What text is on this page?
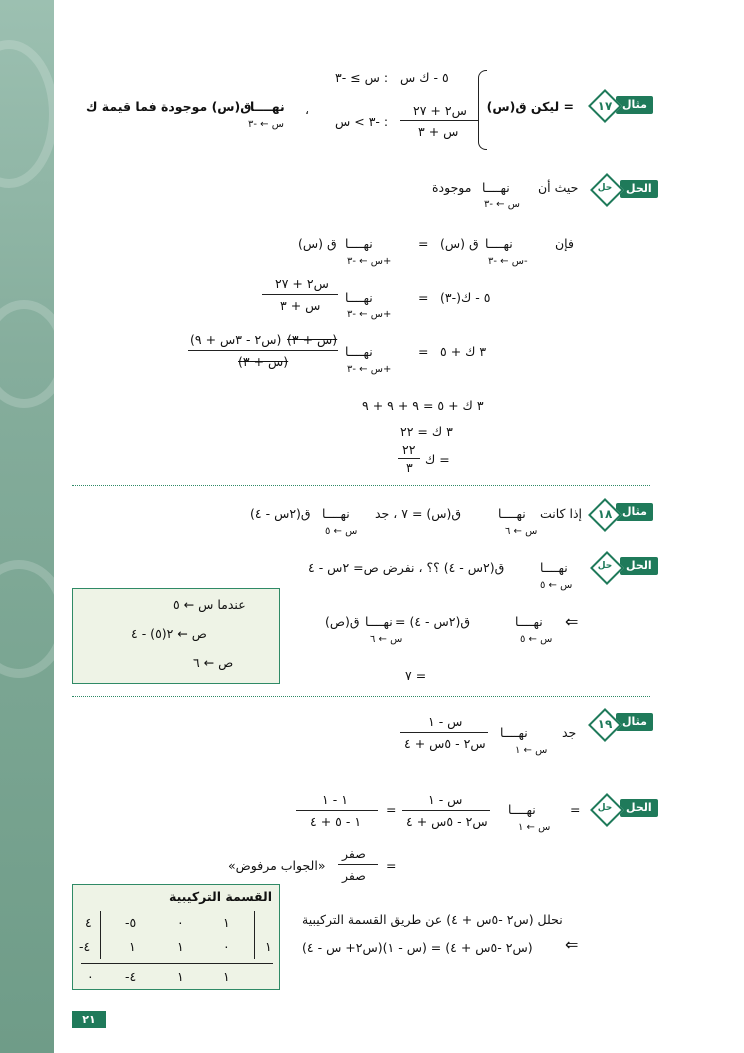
مثال
١٧
ليكن ق(س) =
٥ - ك س
: س ≥ -٣
س٢ + ٢٧
س + ٣
: -٣ > س
،
ق(س) موجودة فما قيمة ك
نهــــا
س ← -٣
الحل
حل
حيث أن
نهــــا
س ← -٣
موجودة
فإن
نهــــا
س ← -٣-
ق (س)
=
نهــــا
س ← -٣+
ق (س)
٥ - ك(-٣)
=
نهــــا
س ← -٣+
س٢ + ٢٧
س + ٣
٣ ك + ٥
=
نهــــا
س ← -٣+
(س + ٣)
(س٢ - ٣س + ٩)
(س + ٣)
٣ ك + ٥ = ٩ + ٩ + ٩
٣ ك = ٢٢
ك =
٢٢
٣
مثال
١٨
إذا كانت
نهــــا
س ← ٦
ق(س) = ٧ ، جد
نهــــا
س ← ٥
ق(٢س - ٤)
الحل
حل
نهــــا
س ← ٥
ق(٢س - ٤) ؟؟ ، نفرض ص= ٢س - ٤
⇐
نهــــا
س ← ٥
ق(٢س - ٤) =
نهــــا
س ← ٦
ق(ص)
= ٧
عندما س ← ٥
ص ← ٢(٥) - ٤
ص ← ٦
مثال
١٩
جد
نهــــا
س ← ١
س - ١
س٢ - ٥س + ٤
الحل
حل
=
نهــــا
س ← ١
س - ١
س٢ - ٥س + ٤
=
١ - ١
١ - ٥ + ٤
=
صفر
صفر
«الجواب مرفوض»
نحلل (س٢ -٥س + ٤) عن طريق القسمة التركيبية
⇐
(س٢ -٥س + ٤) = (س - ١)(س٢+ س - ٤)
القسمة التركيبية
١
٠
-٥
٤
١
٠
١
١
-٤
١
١
-٤
٠
٢١
